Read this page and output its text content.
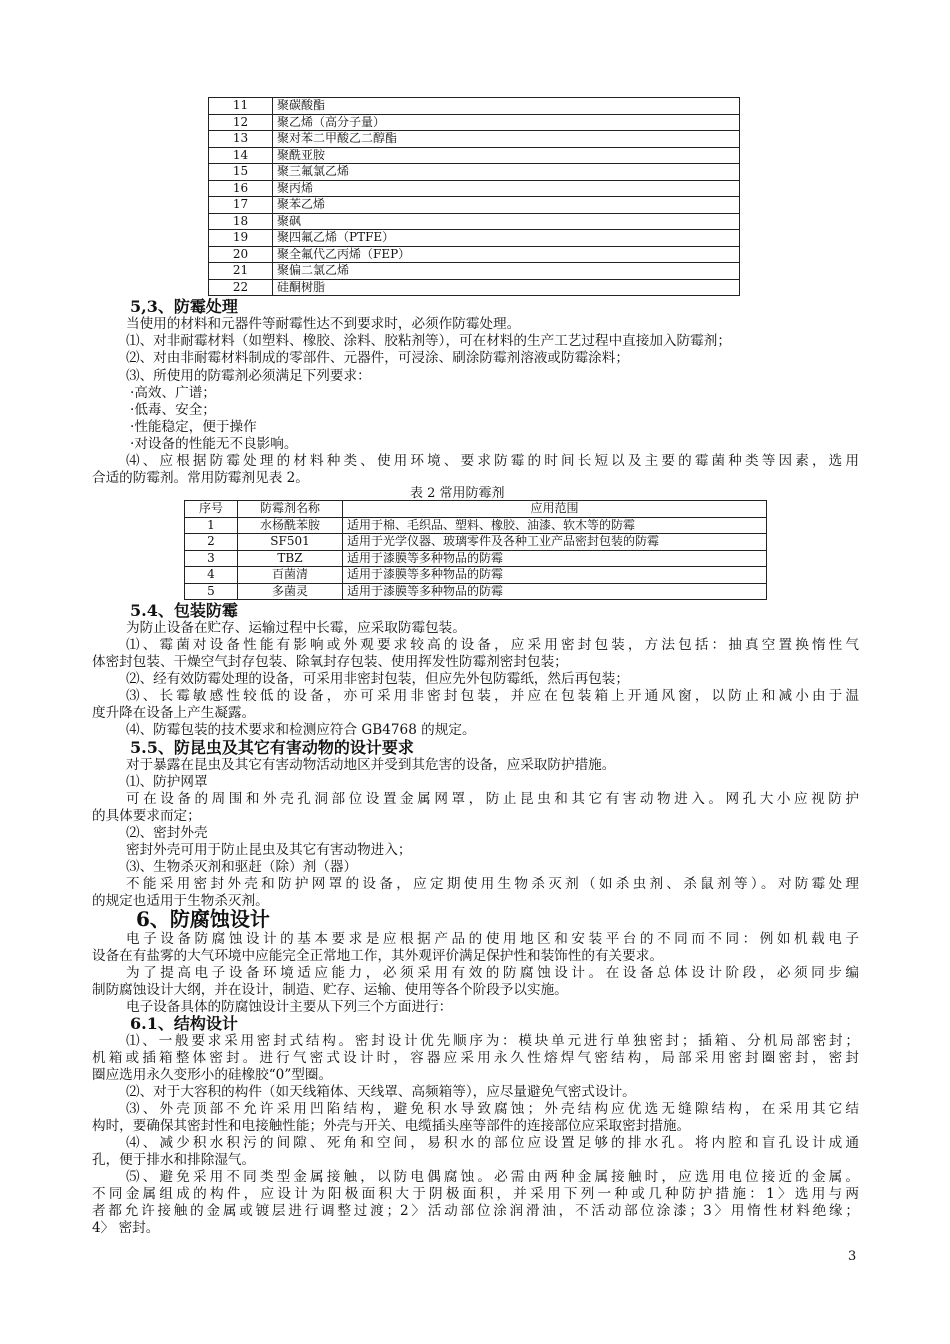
11	聚碳酸酯
12	聚乙烯（高分子量）
13	聚对苯二甲酸乙二醇酯
14	聚酰亚胺
15	聚三氟氯乙烯
16	聚丙烯
17	聚苯乙烯
18	聚砜
19	聚四氟乙烯（PTFE）
20	聚全氟代乙丙烯（FEP）
21	聚偏二氯乙烯
22	硅酮树脂
5,3、防霉处理
当使用的材料和元器件等耐霉性达不到要求时，必须作防霉处理。
⑴、对非耐霉材料（如塑料、橡胶、涂料、胶粘剂等），可在材料的生产工艺过程中直接加入防霉剂；
⑵、对由非耐霉材料制成的零部件、元器件，可浸涂、刷涂防霉剂溶液或防霉涂料；
⑶、所使用的防霉剂必须满足下列要求：
·高效、广谱；
·低毒、安全；
·性能稳定，便于操作
·对设备的性能无不良影响。
⑷、应根据防霉处理的材料种类、使用环境、要求防霉的时间长短以及主要的霉菌种类等因素，选用
合适的防霉剂。常用防霉剂见表 2。
表 2 常用防霉剂
序号	防霉剂名称	应用范围
1	水杨酰苯胺	适用于棉、毛织品、塑料、橡胶、油漆、软木等的防霉
2	SF501	适用于光学仪器、玻璃零件及各种工业产品密封包装的防霉
3	TBZ	适用于漆膜等多种物品的防霉
4	百菌清	适用于漆膜等多种物品的防霉
5	多菌灵	适用于漆膜等多种物品的防霉
5.4、包装防霉
为防止设备在贮存、运输过程中长霉，应采取防霉包装。
⑴、霉菌对设备性能有影响或外观要求较高的设备，应采用密封包装，方法包括：抽真空置换惰性气
体密封包装、干燥空气封存包装、除氧封存包装、使用挥发性防霉剂密封包装；
⑵、经有效防霉处理的设备，可采用非密封包装，但应先外包防霉纸，然后再包装；
⑶、长霉敏感性较低的设备，亦可采用非密封包装，并应在包装箱上开通风窗，以防止和减小由于温
度升降在设备上产生凝露。
⑷、防霉包装的技术要求和检测应符合 GB4768 的规定。
5.5、防昆虫及其它有害动物的设计要求
对于暴露在昆虫及其它有害动物活动地区并受到其危害的设备，应采取防护措施。
⑴、防护网罩
可在设备的周围和外壳孔洞部位设置金属网罩，防止昆虫和其它有害动物进入。网孔大小应视防护
的具体要求而定；
⑵、密封外壳
密封外壳可用于防止昆虫及其它有害动物进入；
⑶、生物杀灭剂和驱赶（除）剂（器）
不能采用密封外壳和防护网罩的设备，应定期使用生物杀灭剂（如杀虫剂、杀鼠剂等）。对防霉处理
的规定也适用于生物杀灭剂。
6、防腐蚀设计
电子设备防腐蚀设计的基本要求是应根据产品的使用地区和安装平台的不同而不同：例如机载电子
设备在有盐雾的大气环境中应能完全正常地工作，其外观评价满足保护性和装饰性的有关要求。
为了提高电子设备环境适应能力，必须采用有效的防腐蚀设计。在设备总体设计阶段，必须同步编
制防腐蚀设计大纲，并在设计，制造、贮存、运输、使用等各个阶段予以实施。
电子设备具体的防腐蚀设计主要从下列三个方面进行：
6.1、结构设计
⑴、一般要求采用密封式结构。密封设计优先顺序为：模块单元进行单独密封；插箱、分机局部密封；
机箱或插箱整体密封。进行气密式设计时，容器应采用永久性熔焊气密结构，局部采用密封圈密封，密封
圈应选用永久变形小的硅橡胶“0”型圈。
⑵、对于大容积的构件（如天线箱体、天线罩、高频箱等），应尽量避免气密式设计。
⑶、外壳顶部不允许采用凹陷结构，避免积水导致腐蚀；外壳结构应优选无缝隙结构，在采用其它结
构时，要确保其密封性和电接触性能；外壳与开关、电缆插头座等部件的连接部位应采取密封措施。
⑷、减少积水积污的间隙、死角和空间，易积水的部位应设置足够的排水孔。将内腔和盲孔设计成通
孔，便于排水和排除湿气。
⑸、避免采用不同类型金属接触，以防电偶腐蚀。必需由两种金属接触时，应选用电位接近的金属。
不同金属组成的构件，应设计为阳极面积大于阴极面积，并采用下列一种或几种防护措施：1〉选用与两
者都允许接触的金属或镀层进行调整过渡；2〉活动部位涂润滑油，不活动部位涂漆；3〉用惰性材料绝缘；
4〉 密封。
3
